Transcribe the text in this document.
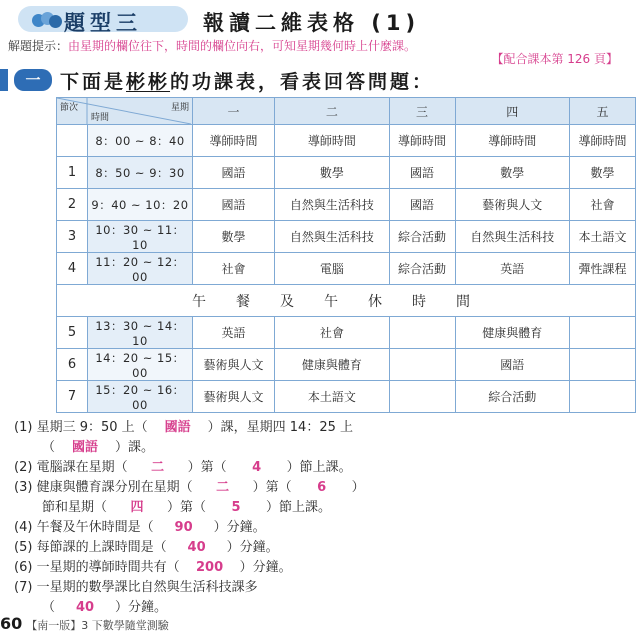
題型三	報讀二維表格 (1)
解題提示：由星期的欄位往下，時間的欄位向右，可知星期幾何時上什麼課。
【配合課本第 126 頁】
一	下面是彬彬的功課表，看表回答問題：
節次 星期
時間		一	二	三	四	五
	8：00 ~ 8：40	導師時間	導師時間	導師時間	導師時間	導師時間
1	8：50 ~ 9：30	國語	數學	國語	數學	數學
2	9：40 ~ 10：20	國語	自然與生活科技	國語	藝術與人文	社會
3	10：30 ~ 11：10	數學	自然與生活科技	綜合活動	自然與生活科技	本土語文
4	11：20 ~ 12：00	社會	電腦	綜合活動	英語	彈性課程
午餐及午休時間						
5	13：30 ~ 14：10	英語	社會		健康與體育	
6	14：20 ~ 15：00	藝術與人文	健康與體育		國語	
7	15：20 ~ 16：00	藝術與人文	本土語文		綜合活動	
(1) 星期三 9：50 上（ 國語 ）課，星期四 14：25 上
（ 國語 ）課。
(2) 電腦課在星期（ 二 ）第（ 4 ）節上課。
(3) 健康與體育課分別在星期（ 二 ）第（ 6 ）
節和星期（ 四 ）第（ 5 ）節上課。
(4) 午餐及午休時間是（ 90 ）分鐘。
(5) 每節課的上課時間是（ 40 ）分鐘。
(6) 一星期的導師時間共有（ 200 ）分鐘。
(7) 一星期的數學課比自然與生活科技課多
（ 40 ）分鐘。
60 【南一版】3 下數學隨堂測驗
